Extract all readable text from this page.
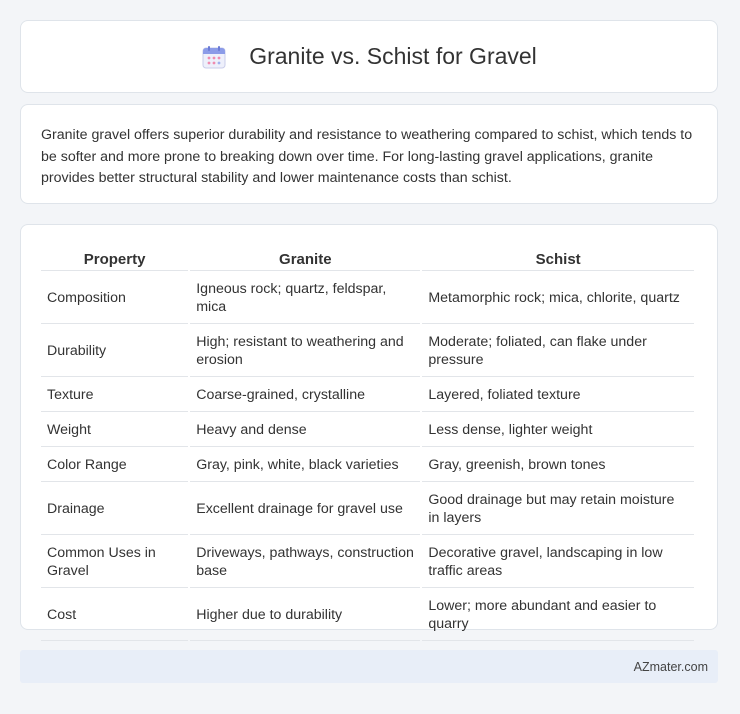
Granite vs. Schist for Gravel
Granite gravel offers superior durability and resistance to weathering compared to schist, which tends to be softer and more prone to breaking down over time. For long-lasting gravel applications, granite provides better structural stability and lower maintenance costs than schist.
Property	Granite	Schist
Composition	Igneous rock; quartz, feldspar, mica	Metamorphic rock; mica, chlorite, quartz
Durability	High; resistant to weathering and erosion	Moderate; foliated, can flake under pressure
Texture	Coarse-grained, crystalline	Layered, foliated texture
Weight	Heavy and dense	Less dense, lighter weight
Color Range	Gray, pink, white, black varieties	Gray, greenish, brown tones
Drainage	Excellent drainage for gravel use	Good drainage but may retain moisture in layers
Common Uses in Gravel	Driveways, pathways, construction base	Decorative gravel, landscaping in low traffic areas
Cost	Higher due to durability	Lower; more abundant and easier to quarry
AZmater.com
